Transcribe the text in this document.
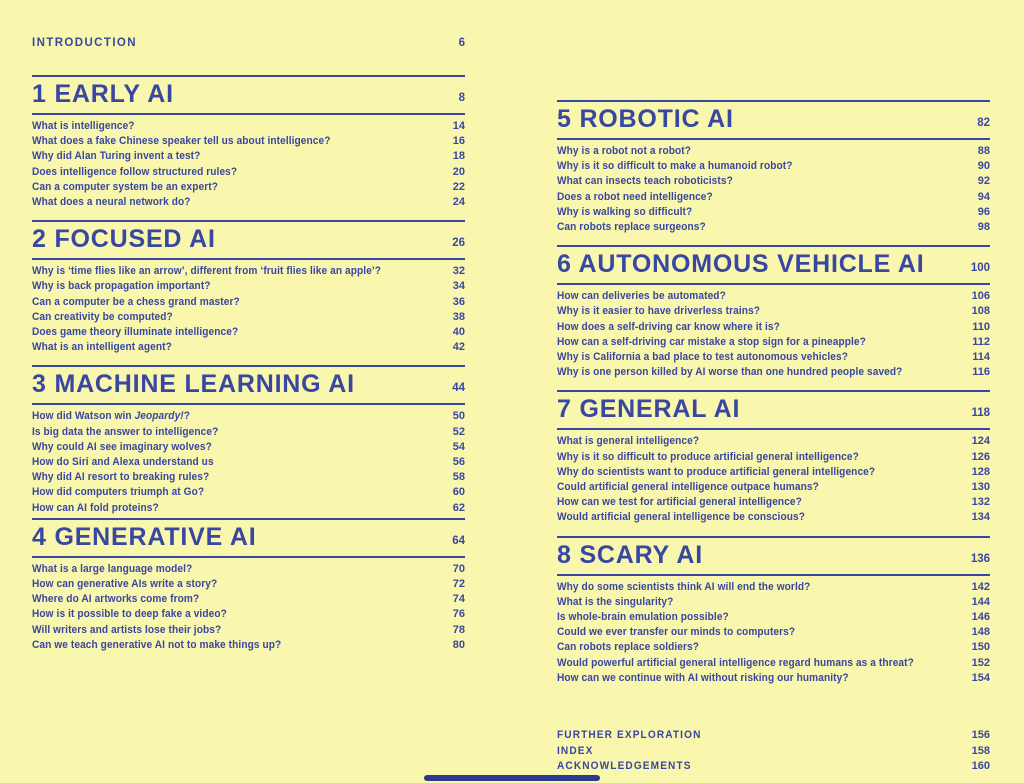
INTRODUCTION	6
1 EARLY AI	8
What is intelligence?	14
What does a fake Chinese speaker tell us about intelligence?	16
Why did Alan Turing invent a test?	18
Does intelligence follow structured rules?	20
Can a computer system be an expert?	22
What does a neural network do?	24
2 FOCUSED AI	26
Why is ‘time flies like an arrow’, different from ‘fruit flies like an apple’?	32
Why is back propagation important?	34
Can a computer be a chess grand master?	36
Can creativity be computed?	38
Does game theory illuminate intelligence?	40
What is an intelligent agent?	42
3 MACHINE LEARNING AI	44
How did Watson win Jeopardy!?	50
Is big data the answer to intelligence?	52
Why could AI see imaginary wolves?	54
How do Siri and Alexa understand us	56
Why did AI resort to breaking rules?	58
How did computers triumph at Go?	60
How can AI fold proteins?	62
4 GENERATIVE AI	64
What is a large language model?	70
How can generative AIs write a story?	72
Where do AI artworks come from?	74
How is it possible to deep fake a video?	76
Will writers and artists lose their jobs?	78
Can we teach generative AI not to make things up?	80
5 ROBOTIC AI	82
Why is a robot not a robot?	88
Why is it so difficult to make a humanoid robot?	90
What can insects teach roboticists?	92
Does a robot need intelligence?	94
Why is walking so difficult?	96
Can robots replace surgeons?	98
6 AUTONOMOUS VEHICLE AI	100
How can deliveries be automated?	106
Why is it easier to have driverless trains?	108
How does a self-driving car know where it is?	110
How can a self-driving car mistake a stop sign for a pineapple?	112
Why is California a bad place to test autonomous vehicles?	114
Why is one person killed by AI worse than one hundred people saved?	116
7 GENERAL AI	118
What is general intelligence?	124
Why is it so difficult to produce artificial general intelligence?	126
Why do scientists want to produce artificial general intelligence?	128
Could artificial general intelligence outpace humans?	130
How can we test for artificial general intelligence?	132
Would artificial general intelligence be conscious?	134
8 SCARY AI	136
Why do some scientists think AI will end the world?	142
What is the singularity?	144
Is whole-brain emulation possible?	146
Could we ever transfer our minds to computers?	148
Can robots replace soldiers?	150
Would powerful artificial general intelligence regard humans as a threat?	152
How can we continue with AI without risking our humanity?	154
FURTHER EXPLORATION	156
INDEX	158
ACKNOWLEDGEMENTS	160
